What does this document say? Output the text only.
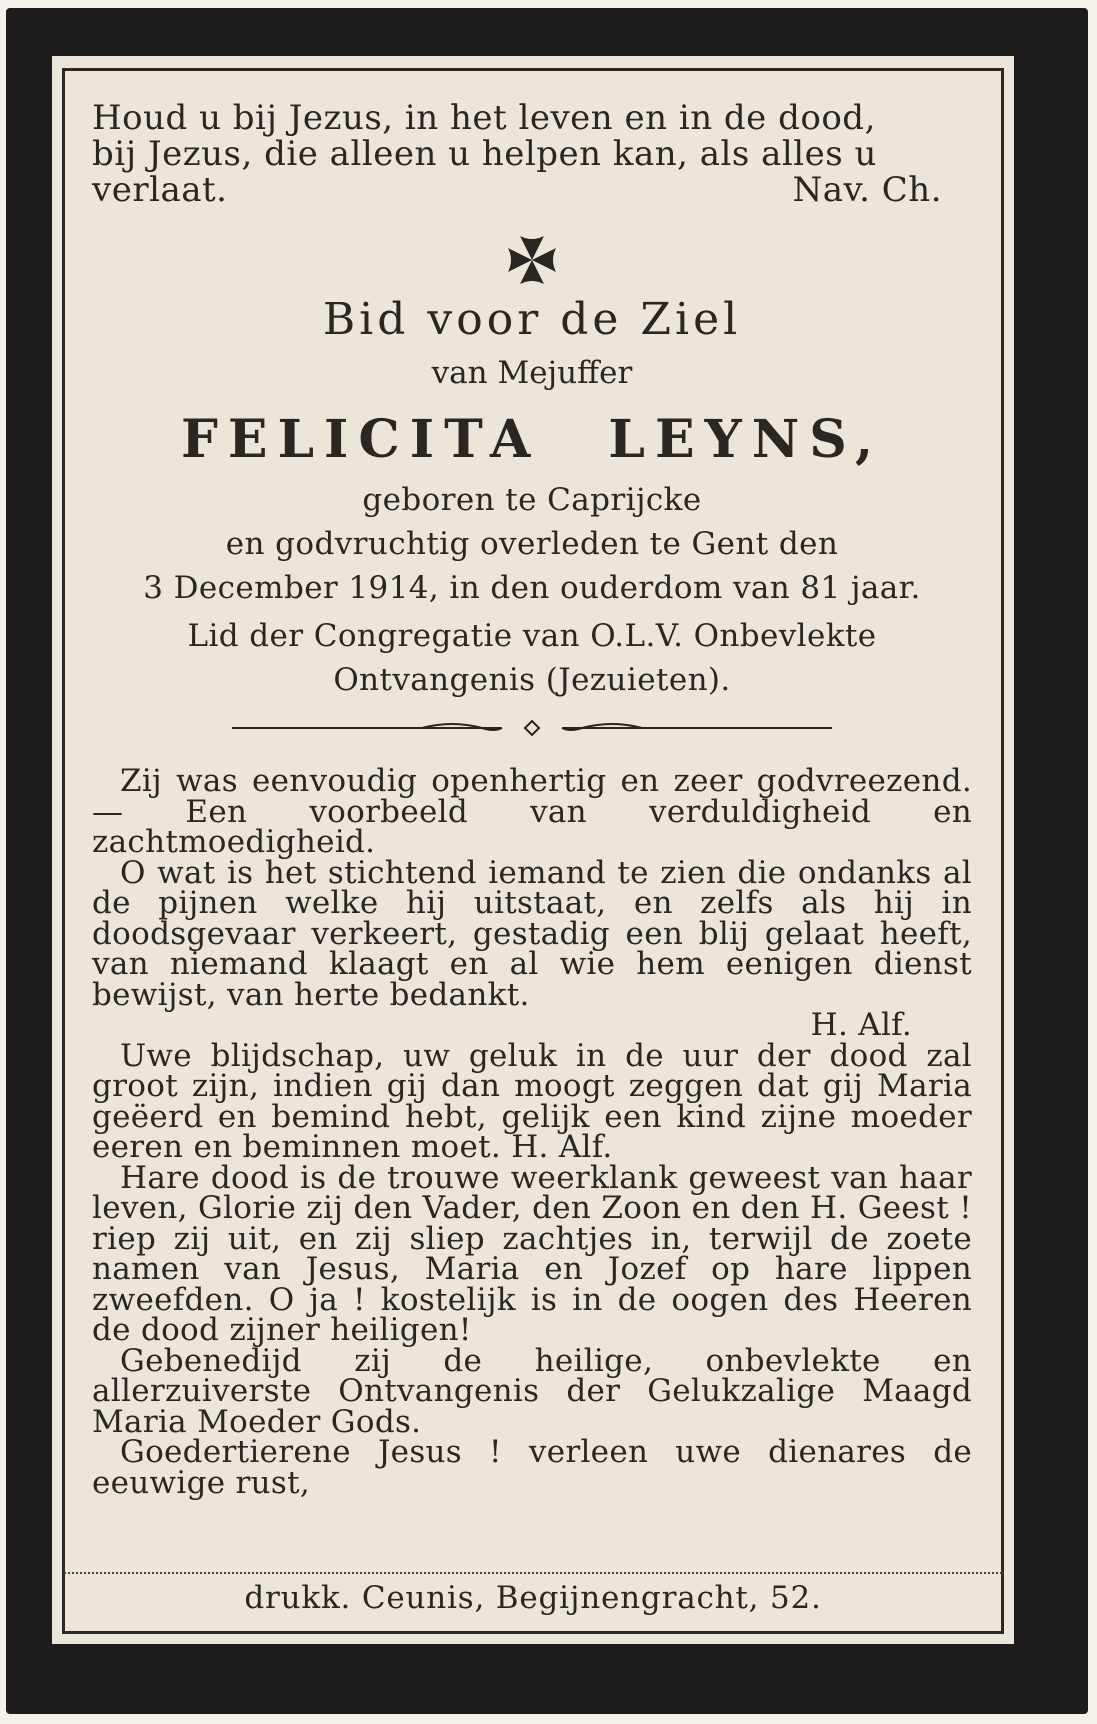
Houd u bij Jezus, in het leven en in de dood,
bij Jezus, die alleen u helpen kan, als alles u
verlaat.	Nav. Ch.
Bid voor de Ziel
van Mejuffer
FELICITA LEYNS,
geboren te Caprijcke
en godvruchtig overleden te Gent den
3 December 1914, in den ouderdom van 81 jaar.
Lid der Congregatie van O.L.V. Onbevlekte
Ontvangenis (Jezuieten).

Zij was eenvoudig openhertig en zeer godvreezend. — Een voorbeeld van verduldigheid en zachtmoedigheid.

O wat is het stichtend iemand te zien die ondanks al de pijnen welke hij uitstaat, en zelfs als hij in doodsgevaar verkeert, gestadig een blij gelaat heeft, van niemand klaagt en al wie hem eenigen dienst bewijst, van herte bedankt.

H. Alf.

Uwe blijdschap, uw geluk in de uur der dood zal groot zijn, indien gij dan moogt zeggen dat gij Maria geëerd en bemind hebt, gelijk een kind zijne moeder eeren en beminnen moet. H. Alf.

Hare dood is de trouwe weerklank geweest van haar leven, Glorie zij den Vader, den Zoon en den H. Geest ! riep zij uit, en zij sliep zachtjes in, terwijl de zoete namen van Jesus, Maria en Jozef op hare lippen zweefden. O ja ! kostelijk is in de oogen des Heeren de dood zijner heiligen!

Gebenedijd zij de heilige, onbevlekte en allerzuiverste Ontvangenis der Gelukzalige Maagd Maria Moeder Gods.

Goedertierene Jesus ! verleen uwe dienares de eeuwige rust,

drukk. Ceunis, Begijnengracht, 52.
